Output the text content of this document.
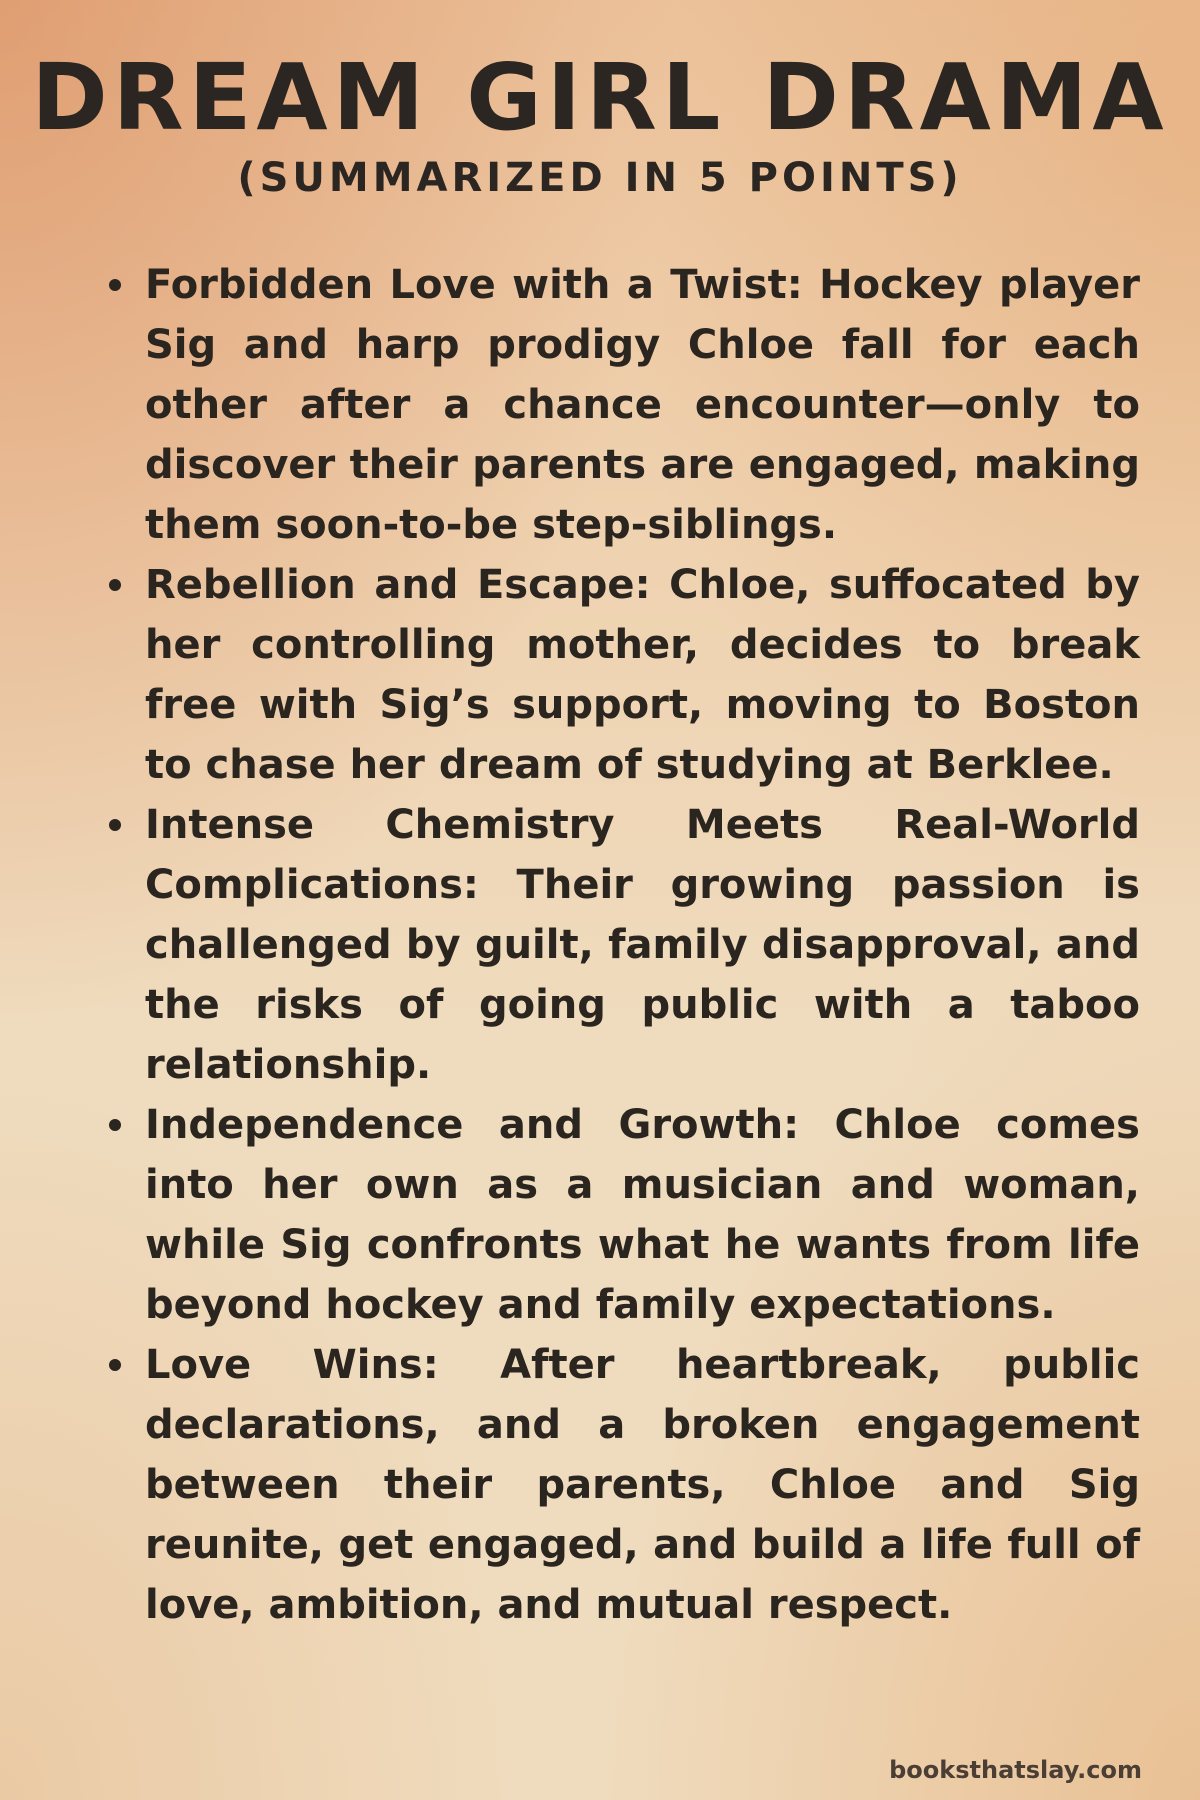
DREAM GIRL DRAMA
(SUMMARIZED IN 5 POINTS)
Forbidden Love with a Twist: Hockey player Sig and harp prodigy Chloe fall for each other after a chance encounter—only to discover their parents are engaged, making them soon-to-be step-siblings.
Rebellion and Escape: Chloe, suffocated by her controlling mother, decides to break free with Sig’s support, moving to Boston to chase her dream of studying at Berklee.
Intense Chemistry Meets Real-World Complications: Their growing passion is challenged by guilt, family disapproval, and the risks of going public with a taboo relationship.
Independence and Growth: Chloe comes into her own as a musician and woman, while Sig confronts what he wants from life beyond hockey and family expectations.
Love Wins: After heartbreak, public declarations, and a broken engagement between their parents, Chloe and Sig reunite, get engaged, and build a life full of love, ambition, and mutual respect.
booksthatslay.com
